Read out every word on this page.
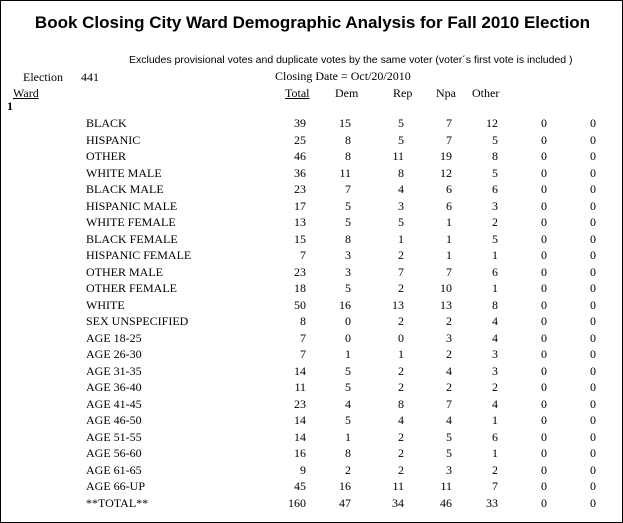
Book Closing City Ward Demographic Analysis for Fall 2010 Election
Excludes provisional votes and duplicate votes by the same voter (voter´s first vote is included )
Election 441	Closing Date = Oct/20/2010
Ward	Total Dem	Rep Npa Other
1
BLACK	39	15	5	7	12	0	0
HISPANIC	25	8	5	7	5	0	0
OTHER	46	8	11	19	8	0	0
WHITE MALE	36	11	8	12	5	0	0
BLACK MALE	23	7	4	6	6	0	0
HISPANIC MALE	17	5	3	6	3	0	0
WHITE FEMALE	13	5	5	1	2	0	0
BLACK FEMALE	15	8	1	1	5	0	0
HISPANIC FEMALE	7	3	2	1	1	0	0
OTHER MALE	23	3	7	7	6	0	0
OTHER FEMALE	18	5	2	10	1	0	0
WHITE	50	16	13	13	8	0	0
SEX UNSPECIFIED	8	0	2	2	4	0	0
AGE 18-25	7	0	0	3	4	0	0
AGE 26-30	7	1	1	2	3	0	0
AGE 31-35	14	5	2	4	3	0	0
AGE 36-40	11	5	2	2	2	0	0
AGE 41-45	23	4	8	7	4	0	0
AGE 46-50	14	5	4	4	1	0	0
AGE 51-55	14	1	2	5	6	0	0
AGE 56-60	16	8	2	5	1	0	0
AGE 61-65	9	2	2	3	2	0	0
AGE 66-UP	45	16	11	11	7	0	0
**TOTAL**	160	47	34	46	33	0	0
